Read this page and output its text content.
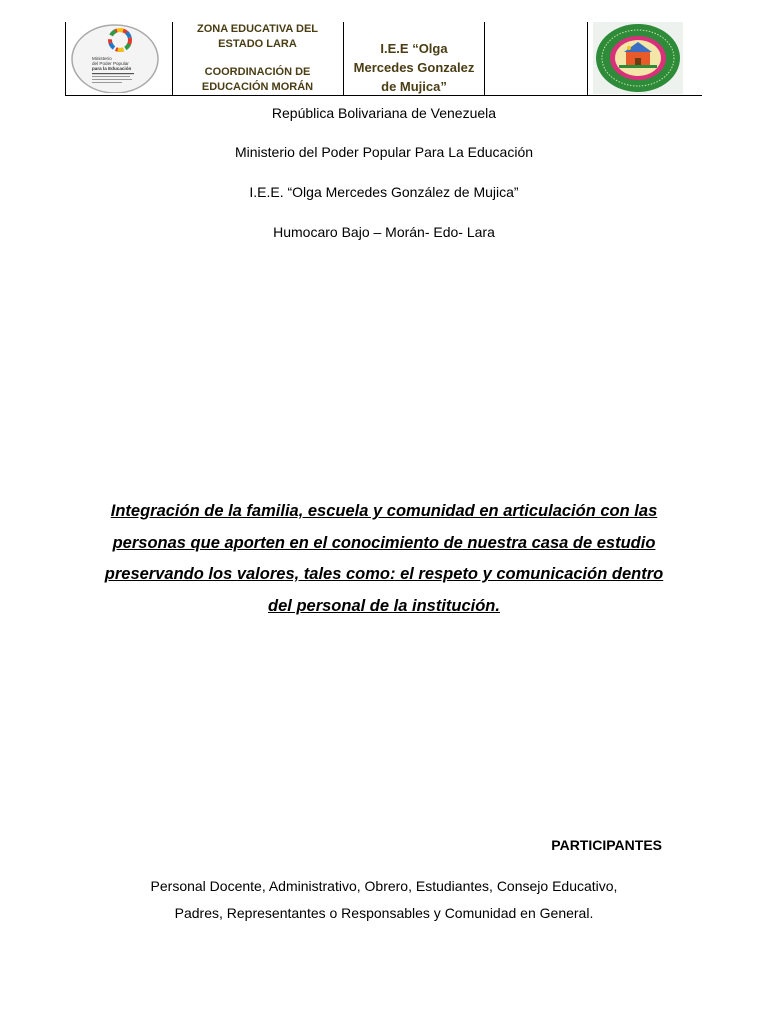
Ministerio
del Poder Popular
para la Educación
ZONA EDUCATIVA DEL
ESTADO LARA
COORDINACIÓN DE
EDUCACIÓN MORÁN
I.E.E “Olga
Mercedes Gonzalez
de Mujica”
República Bolivariana de Venezuela
Ministerio del Poder Popular Para La Educación
I.E.E. “Olga Mercedes González de Mujica”
Humocaro Bajo – Morán- Edo- Lara
Integración de la familia, escuela y comunidad en articulación con las personas que aporten en el conocimiento de nuestra casa de estudio preservando los valores, tales como: el respeto y comunicación dentro del personal de la institución.
PARTICIPANTES
Personal Docente, Administrativo, Obrero, Estudiantes, Consejo Educativo,
Padres, Representantes o Responsables y Comunidad en General.
